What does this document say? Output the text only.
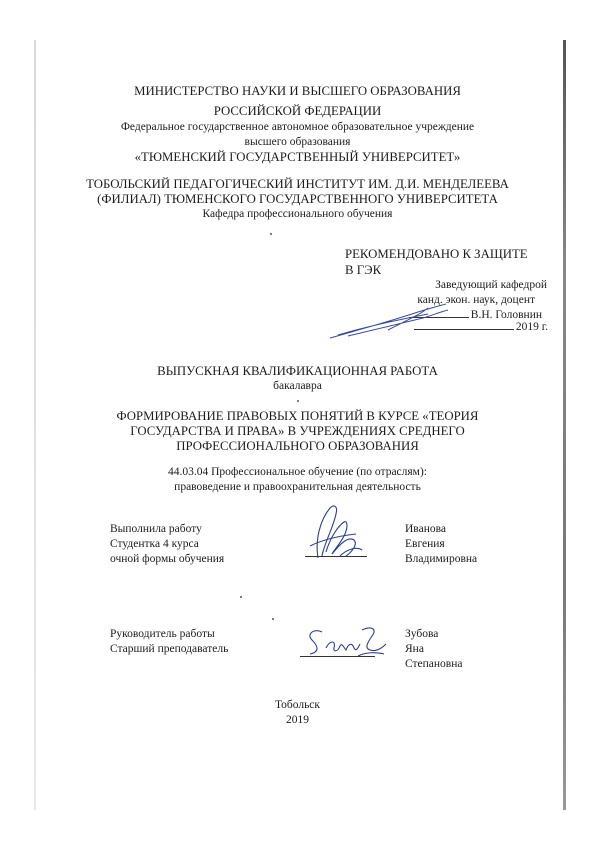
МИНИСТЕРСТВО НАУКИ И ВЫСШЕГО ОБРАЗОВАНИЯ
РОССИЙСКОЙ ФЕДЕРАЦИИ
Федеральное государственное автономное образовательное учреждение
высшего образования
«ТЮМЕНСКИЙ ГОСУДАРСТВЕННЫЙ УНИВЕРСИТЕТ»
ТОБОЛЬСКИЙ ПЕДАГОГИЧЕСКИЙ ИНСТИТУТ ИМ. Д.И. МЕНДЕЛЕЕВА
(ФИЛИАЛ) ТЮМЕНСКОГО ГОСУДАРСТВЕННОГО УНИВЕРСИТЕТА
Кафедра профессионального обучения
РЕКОМЕНДОВАНО К ЗАЩИТЕ
В ГЭК
Заведующий кафедрой
канд. экон. наук, доцент
В.Н. Головнин
2019 г.
ВЫПУСКНАЯ КВАЛИФИКАЦИОННАЯ РАБОТА
бакалавра
ФОРМИРОВАНИЕ ПРАВОВЫХ ПОНЯТИЙ В КУРСЕ «ТЕОРИЯ
ГОСУДАРСТВА И ПРАВА» В УЧРЕЖДЕНИЯХ СРЕДНЕГО
ПРОФЕССИОНАЛЬНОГО ОБРАЗОВАНИЯ
44.03.04 Профессиональное обучение (по отраслям):
правоведение и правоохранительная деятельность
Выполнила работу
Студентка 4 курса
очной формы обучения
Иванова
Евгения
Владимировна
Руководитель работы
Старший преподаватель
Зубова
Яна
Степановна
Тобольск
2019
